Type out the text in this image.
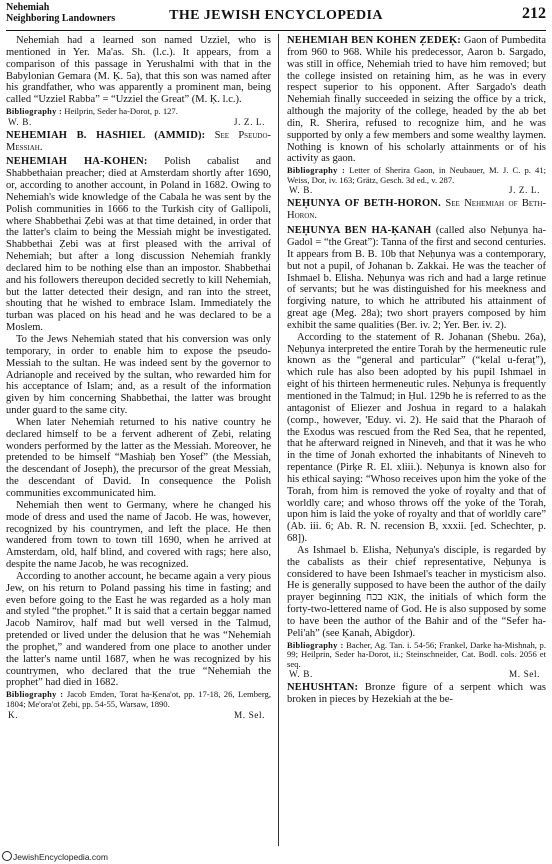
Nehemiah
Neighboring Landowners	THE JEWISH ENCYCLOPEDIA	212

Nehemiah had a learned son named Uzziel, who is mentioned in Yer. Ma'as. Sh. (l.c.). It appears, from a comparison of this passage in Yerushalmi with that in the Babylonian Gemara (M. Ḳ. 5a), that this son was named after his grandfather, who was apparently a prominent man, being called “Uzziel Rabba” = “Uzziel the Great” (M. Ḳ. l.c.).

Bibliography : Heilprin, Seder ha-Dorot, p. 127.
W. B.	J. Z. L.

NEHEMIAH B. HASHIEL (AMMID): See Pseudo-Messiah.

NEHEMIAH HA-KOHEN: Polish cabalist and Shabbethaian preacher; died at Amsterdam shortly after 1690, or, according to another account, in Poland in 1682. Owing to Nehemiah's wide knowledge of the Cabala he was sent by the Polish communities in 1666 to the Turkish city of Gallipoli, where Shabbethai Ẓebi was at that time detained, in order that the latter's claim to being the Messiah might be investigated. Shabbethai Ẓebi was at first pleased with the arrival of Nehemiah; but after a long discussion Nehemiah frankly declared him to be nothing else than an impostor. Shabbethai and his followers thereupon decided secretly to kill Nehemiah, but the latter detected their design, and ran into the street, shouting that he wished to embrace Islam. Immediately the turban was placed on his head and he was declared to be a Moslem.

To the Jews Nehemiah stated that his conversion was only temporary, in order to enable him to expose the pseudo-Messiah to the sultan. He was indeed sent by the governor to Adrianople and received by the sultan, who rewarded him for his acceptance of Islam; and, as a result of the information given by him concerning Shabbethai, the latter was brought under guard to the same city.

When later Nehemiah returned to his native country he declared himself to be a fervent adherent of Ẓebi, relating wonders performed by the latter as the Messiah. Moreover, he pretended to be himself “Mashiaḥ ben Yosef” (the Messiah, the descendant of Joseph), the precursor of the great Messiah, the descendant of David. In consequence the Polish communities excommunicated him.

Nehemiah then went to Germany, where he changed his mode of dress and used the name of Jacob. He was, however, recognized by his countrymen, and left the place. He then wandered from town to town till 1690, when he arrived at Amsterdam, old, half blind, and covered with rags; here also, despite the name Jacob, he was recognized.

According to another account, he became again a very pious Jew, on his return to Poland passing his time in fasting; and even before going to the East he was regarded as a holy man and styled “the prophet.” It is said that a certain beggar named Jacob Namirov, half mad but well versed in the Talmud, pretended or lived under the delusion that he was “Nehemiah the prophet,” and wandered from one place to another under the latter's name until 1687, when he was recognized by his countrymen, who declared that the true “Nehemiah the prophet” had died in 1682.

Bibliography : Jacob Emden, Torat ha-Ḳena'ot, pp. 17-18, 26, Lemberg, 1804; Me'ora'ot Ẓebi, pp. 54-55, Warsaw, 1890.
K.	M. Sel.

NEHEMIAH BEN KOHEN ẒEDEḲ: Gaon of Pumbedita from 960 to 968. While his predecessor, Aaron b. Sargado, was still in office, Nehemiah tried to have him removed; but the college insisted on retaining him, as he was in every respect superior to his opponent. After Sargado's death Nehemiah finally succeeded in seizing the office by a trick, although the majority of the college, headed by the ab bet din, R. Sherira, refused to recognize him, and he was supported by only a few members and some wealthy laymen. Nothing is known of his scholarly attainments or of his activity as gaon.

Bibliography : Letter of Sherira Gaon, in Neubauer, M. J. C. p. 41; Weiss, Dor, iv. 163; Grätz, Gesch. 3d ed., v. 287.
W. B.	J. Z. L.

NEḤUNYA OF BETH-HORON. See Nehemiah of Beth-Horon.

NEḤUNYA BEN HA-ḲANAH (called also Neḥunya ha-Gadol = “the Great”): Tanna of the first and second centuries. It appears from B. B. 10b that Neḥunya was a contemporary, but not a pupil, of Johanan b. Zakkai. He was the teacher of Ishmael b. Elisha. Neḥunya was rich and had a large retinue of servants; but he was distinguished for his meekness and forgiving nature, to which he attributed his attainment of great age (Meg. 28a); two short prayers composed by him exhibit the same qualities (Ber. iv. 2; Yer. Ber. iv. 2).

According to the statement of R. Johanan (Shebu. 26a), Neḥunya interpreted the entire Torah by the hermeneutic rule known as the “general and particular” (“kelal u-feraṭ”), which rule has also been adopted by his pupil Ishmael in eight of his thirteen hermeneutic rules. Neḥunya is frequently mentioned in the Talmud; in Ḥul. 129b he is referred to as the antagonist of Eliezer and Joshua in regard to a halakah (comp., however, 'Eduy. vi. 2). He said that the Pharaoh of the Exodus was rescued from the Red Sea, that he repented, that he afterward reigned in Nineveh, and that it was he who in the time of Jonah exhorted the inhabitants of Nineveh to repentance (Pirḳe R. El. xliii.). Neḥunya is known also for his ethical saying: “Whoso receives upon him the yoke of the Torah, from him is removed the yoke of royalty and that of worldly care; and whoso throws off the yoke of the Torah, upon him is laid the yoke of royalty and that of worldly care” (Ab. iii. 6; Ab. R. N. recension B, xxxii. [ed. Schechter, p. 68]).

As Ishmael b. Elisha, Neḥunya's disciple, is regarded by the cabalists as their chief representative, Neḥunya is considered to have been Ishmael's teacher in mysticism also. He is generally supposed to have been the author of the daily prayer beginning אנא בכח, the initials of which form the forty-two-lettered name of God. He is also supposed by some to have been the author of the Bahir and of the “Sefer ha-Peli'ah” (see Ḳanah, Abigdor).

Bibliography : Bacher, Ag. Tan. i. 54-56; Frankel, Darke ha-Mishnah, p. 99; Heilprin, Seder ha-Dorot, ii.; Steinschneider, Cat. Bodl. cols. 2056 et seq.
W. B.	M. Sel.

NEHUSHTAN: Bronze figure of a serpent which was broken in pieces by Hezekiah at the be-

JewishEncyclopedia.com
